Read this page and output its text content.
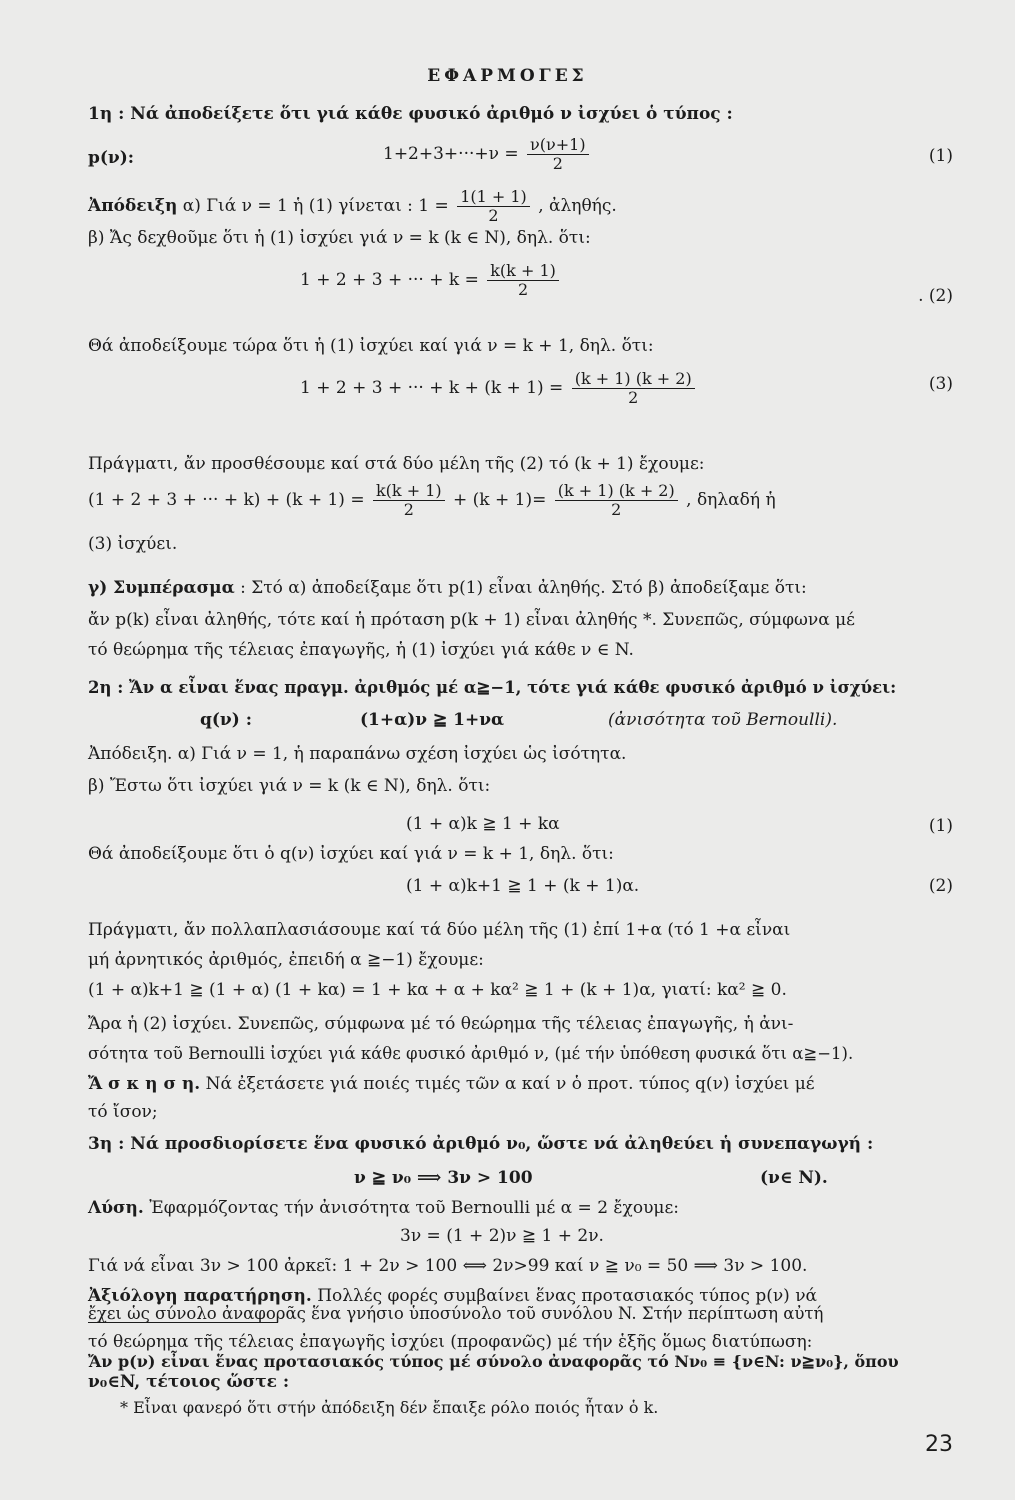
ΕΦΑΡΜΟΓΕΣ
1η : Νά ἀποδείξετε ὅτι γιά κάθε φυσικό ἀριθμό ν ἰσχύει ὁ τύπος :
p(ν):	$1+2+3+\cdot\cdot\cdot+\nu = \frac{\nu(\nu+1)}{2}$	(1)
Ἀπόδειξη α) Γιά ν = 1 ἡ (1) γίνεται : $1 = \frac{1(1 + 1)}{2}$ , ἀληθής.
β) Ἄς δεχθοῦμε ὅτι ἡ (1) ἰσχύει γιά ν = k (k ∈ N), δηλ. ὅτι:
1 + 2 + 3 + ··· + $k = \frac{k(k + 1)}{2}$	. (2)
Θά ἀποδείξουμε τώρα ὅτι ἡ (1) ἰσχύει καί γιά ν = k + 1, δηλ. ὅτι:
1 + 2 + 3 + ··· + $k + (k + 1) = \frac{(k + 1) (k + 2)}{2}$	(3)
Πράγματι, ἄν προσθέσουμε καί στά δύο μέλη τῆς (2) τό (k + 1) ἔχουμε:
(1 + 2 + 3 + ··· + $k) + (k + 1) = \frac{k(k + 1)}{2} + (k + 1)= \frac{(k + 1) (k + 2)}{2}$ , δηλαδή ἡ
(3) ἰσχύει.
γ) Συμπέρασμα : Στό α) ἀποδείξαμε ὅτι p(1) εἶναι ἀληθής. Στό β) ἀποδείξαμε ὅτι:
ἄν p(k) εἶναι ἀληθής, τότε καί ἡ πρόταση p(k + 1) εἶναι ἀληθής *. Συνεπῶς, σύμφωνα μέ
τό θεώρημα τῆς τέλειας ἐπαγωγῆς, ἡ (1) ἰσχύει γιά κάθε ν ∈ N.
2η : Ἄν α εἶναι ἕνας πραγμ. ἀριθμός μέ α≧−1, τότε γιά κάθε φυσικό ἀριθμό ν ἰσχύει:
q(ν) :	(1+α)ν ≧ 1+να	(ἀνισότητα τοῦ Bernoulli).
Ἀπόδειξη. α) Γιά ν = 1, ἡ παραπάνω σχέση ἰσχύει ὡς ἰσότητα.
β) Ἔστω ὅτι ἰσχύει γιά ν = k (k ∈ N), δηλ. ὅτι:
(1 + α)k ≧ 1 + kα	(1)
Θά ἀποδείξουμε ὅτι ὁ q(ν) ἰσχύει καί γιά ν = k + 1, δηλ. ὅτι:
(1 + α)k+1 ≧ 1 + (k + 1)α.	(2)
Πράγματι, ἄν πολλαπλασιάσουμε καί τά δύο μέλη τῆς (1) ἐπί 1+α (τό 1 +α εἶναι
μή ἀρνητικός ἀριθμός, ἐπειδή α ≧−1) ἔχουμε:
(1 + α)k+1 ≧ (1 + α) (1 + kα) = 1 + kα + α + kα² ≧ 1 + (k + 1)α, γιατί: kα² ≧ 0.
Ἄρα ἡ (2) ἰσχύει. Συνεπῶς, σύμφωνα μέ τό θεώρημα τῆς τέλειας ἐπαγωγῆς, ἡ ἀνι-
σότητα τοῦ Bernoulli ἰσχύει γιά κάθε φυσικό ἀριθμό ν, (μέ τήν ὑπόθεση φυσικά ὅτι α≧−1).
Ἄ σ κ η σ η. Νά ἐξετάσετε γιά ποιές τιμές τῶν α καί ν ὁ προτ. τύπος q(ν) ἰσχύει μέ
τό ἴσον;
3η : Νά προσδιορίσετε ἕνα φυσικό ἀριθμό ν₀, ὥστε νά ἀληθεύει ἡ συνεπαγωγή :
ν ≧ ν₀ ⟹ 3ν > 100	(ν∈ N).
Λύση. Ἐφαρμόζοντας τήν ἀνισότητα τοῦ Bernoulli μέ α = 2 ἔχουμε:
3ν = (1 + 2)ν ≧ 1 + 2ν.
Γιά νά εἶναι 3ν > 100 ἀρκεῖ: 1 + 2ν > 100 ⟺ 2ν>99 καί ν ≧ ν₀ = 50 ⟹ 3ν > 100.
Ἀξιόλογη παρατήρηση. Πολλές φορές συμβαίνει ἕνας προτασιακός τύπος p(ν) νά
ἔχει ὡς σύνολο ἀναφορᾶς ἕνα γνήσιο ὑποσύνολο τοῦ συνόλου N. Στήν περίπτωση αὐτή
τό θεώρημα τῆς τέλειας ἐπαγωγῆς ἰσχύει (προφανῶς) μέ τήν ἑξῆς ὅμως διατύπωση:
Ἄν p(ν) εἶναι ἕνας προτασιακός τύπος μέ σύνολο ἀναφορᾶς τό Nν₀ ≡ {ν∈N: ν≧ν₀}, ὅπου
ν₀∈N, τέτοιος ὥστε :
* Εἶναι φανερό ὅτι στήν ἀπόδειξη δέν ἔπαιξε ρόλο ποιός ἦταν ὁ k.
23
